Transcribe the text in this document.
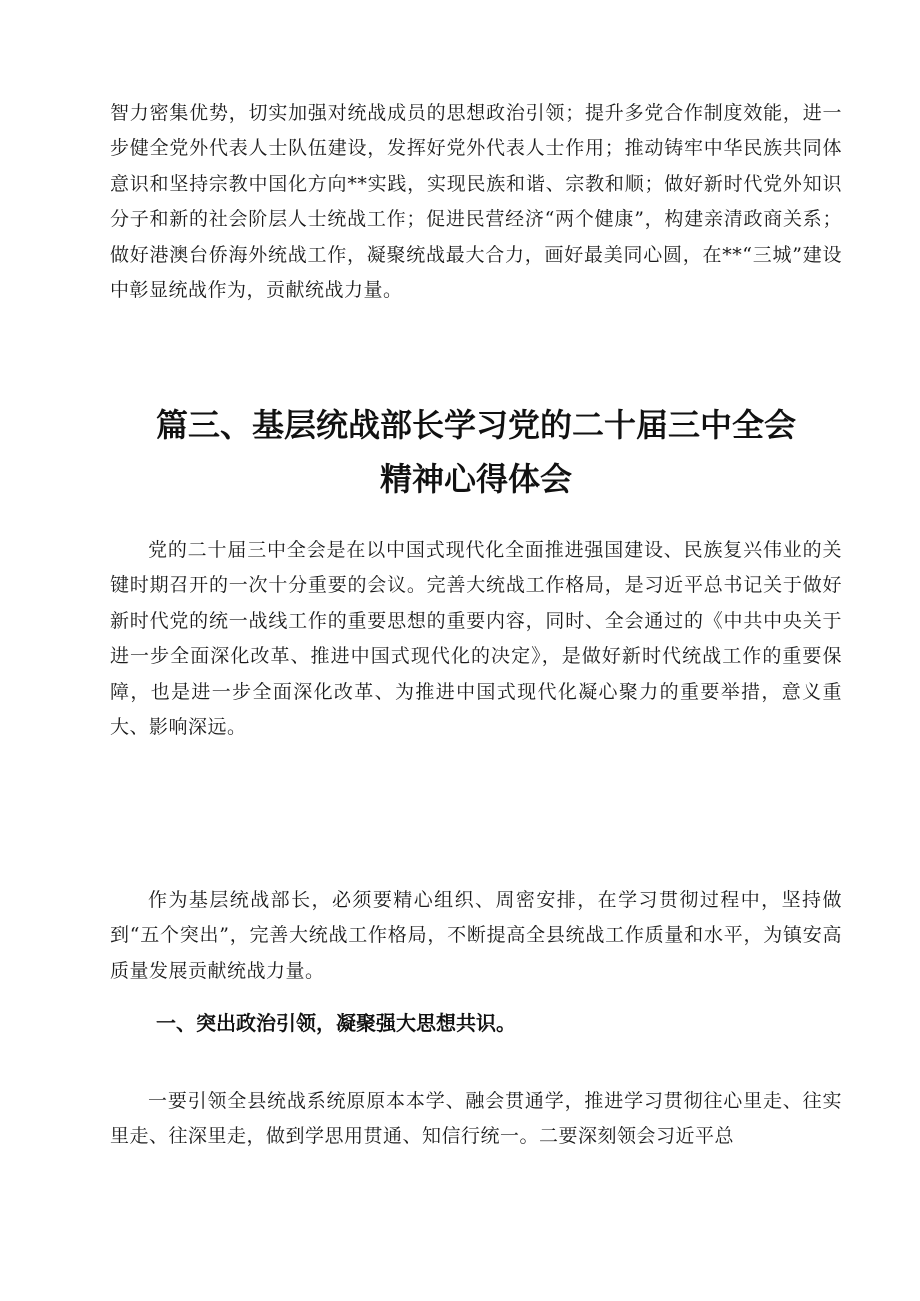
智力密集优势，切实加强对统战成员的思想政治引领；提升多党合作制度效能，进一步健全党外代表人士队伍建设，发挥好党外代表人士作用；推动铸牢中华民族共同体意识和坚持宗教中国化方向**实践，实现民族和谐、宗教和顺；做好新时代党外知识分子和新的社会阶层人士统战工作；促进民营经济“两个健康”，构建亲清政商关系；做好港澳台侨海外统战工作，凝聚统战最大合力，画好最美同心圆，在**“三城”建设中彰显统战作为，贡献统战力量。

篇三、基层统战部长学习党的二十届三中全会
精神心得体会

党的二十届三中全会是在以中国式现代化全面推进强国建设、民族复兴伟业的关键时期召开的一次十分重要的会议。完善大统战工作格局，是习近平总书记关于做好新时代党的统一战线工作的重要思想的重要内容，同时、全会通过的《中共中央关于进一步全面深化改革、推进中国式现代化的决定》，是做好新时代统战工作的重要保障，也是进一步全面深化改革、为推进中国式现代化凝心聚力的重要举措，意义重大、影响深远。

作为基层统战部长，必须要精心组织、周密安排，在学习贯彻过程中，坚持做到“五个突出”，完善大统战工作格局，不断提高全县统战工作质量和水平，为镇安高质量发展贡献统战力量。

一、突出政治引领，凝聚强大思想共识。

一要引领全县统战系统原原本本学、融会贯通学，推进学习贯彻往心里走、往实里走、往深里走，做到学思用贯通、知信行统一。二要深刻领会习近平总
